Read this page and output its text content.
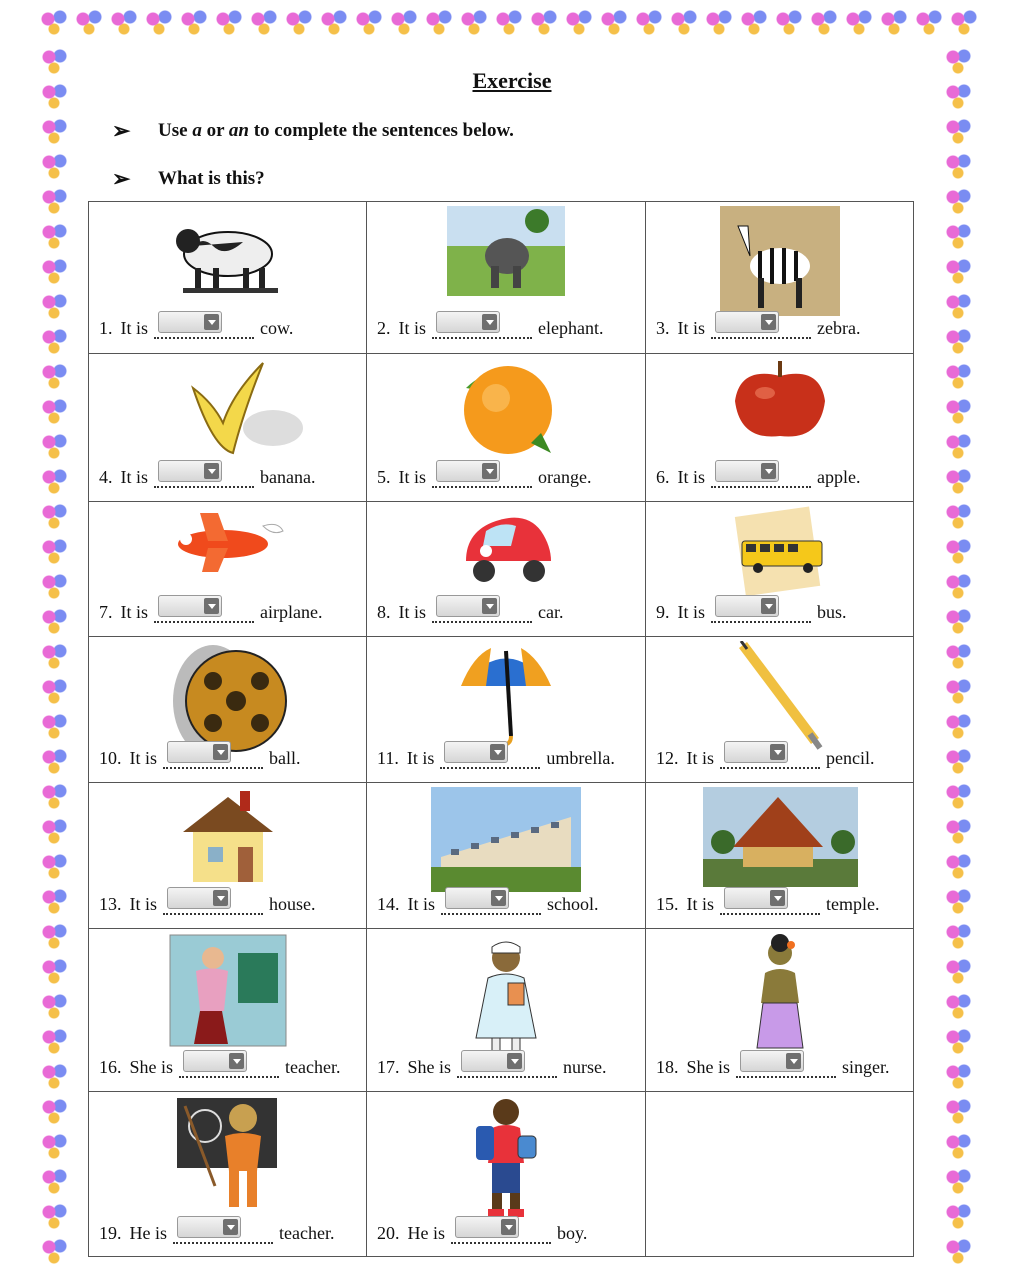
Exercise
➢	Use a or an to complete the sentences below.
➢	What is this?
1. It is	cow.	2. It is	elephant.	3. It is	zebra.
4. It is	banana.	5. It is	orange.	6. It is	apple.
7. It is	airplane.	8. It is	car.	9. It is	bus.
10. It is	ball.	11. It is	umbrella. 12. It is	pencil.
13. It is	house.	14. It is	school.	15. It is	temple.
16. She is	teacher. 17. She is	nurse.	18. She is	singer.
19. He is	teacher. 20. He is	boy.
